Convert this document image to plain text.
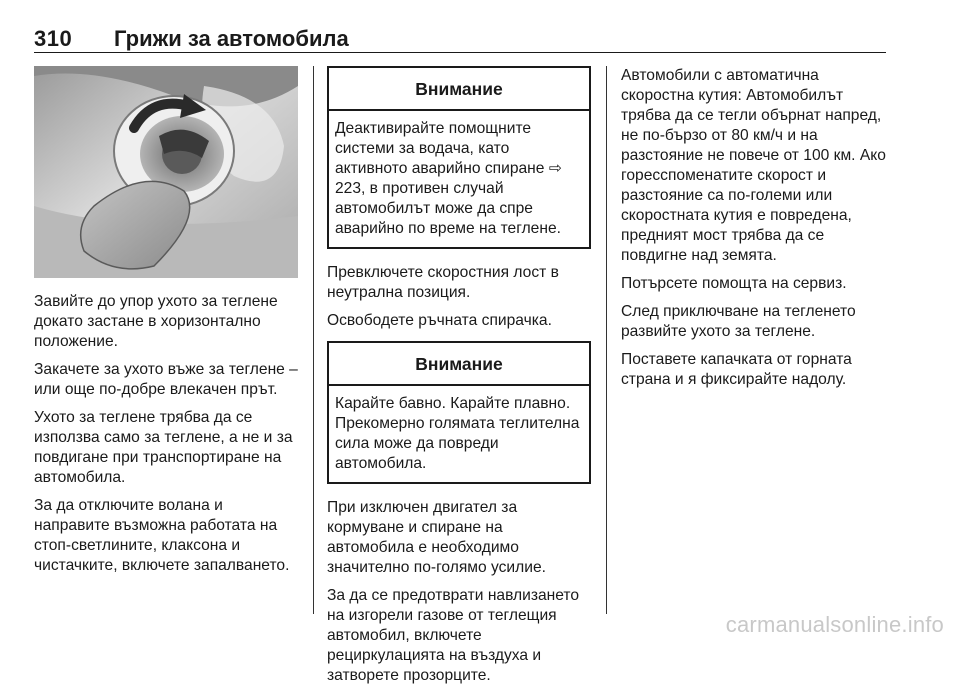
310 Грижи за автомобила

Завийте до упор ухото за теглене докато застане в хоризонтално положение.

Закачете за ухото въже за теглене – или още по-добре влекачен прът.

Ухото за теглене трябва да се използва само за теглене, а не и за повдигане при транспортиране на автомобила.

За да отключите волана и направите възможна работата на стоп-светлините, клаксона и чистачките, включете запалването.

Внимание
Деактивирайте помощните системи за водача, като активното аварийно спиране ⇨ 223, в противен случай автомобилът може да спре аварийно по време на теглене.

Превключете скоростния лост в неутрална позиция.

Освободете ръчната спирачка.

Внимание
Карайте бавно. Карайте плавно. Прекомерно голямата теглителна сила може да повреди автомобила.

При изключен двигател за кормуване и спиране на автомобила е необходимо значително по-голямо усилие.

За да се предотврати навлизането на изгорели газове от теглещия автомобил, включете рециркулацията на въздуха и затворете прозорците.

Автомобили с автоматична скоростна кутия: Автомобилът трябва да се тегли обърнат напред, не по-бързо от 80 км/ч и на разстояние не повече от 100 км. Ако горесспоменатите скорост и разстояние са по-големи или скоростната кутия е повредена, предният мост трябва да се повдигне над земята.

Потърсете помощта на сервиз.

След приключване на тегленето развийте ухото за теглене.

Поставете капачката от горната страна и я фиксирайте надолу.

carmanualsonline.info
